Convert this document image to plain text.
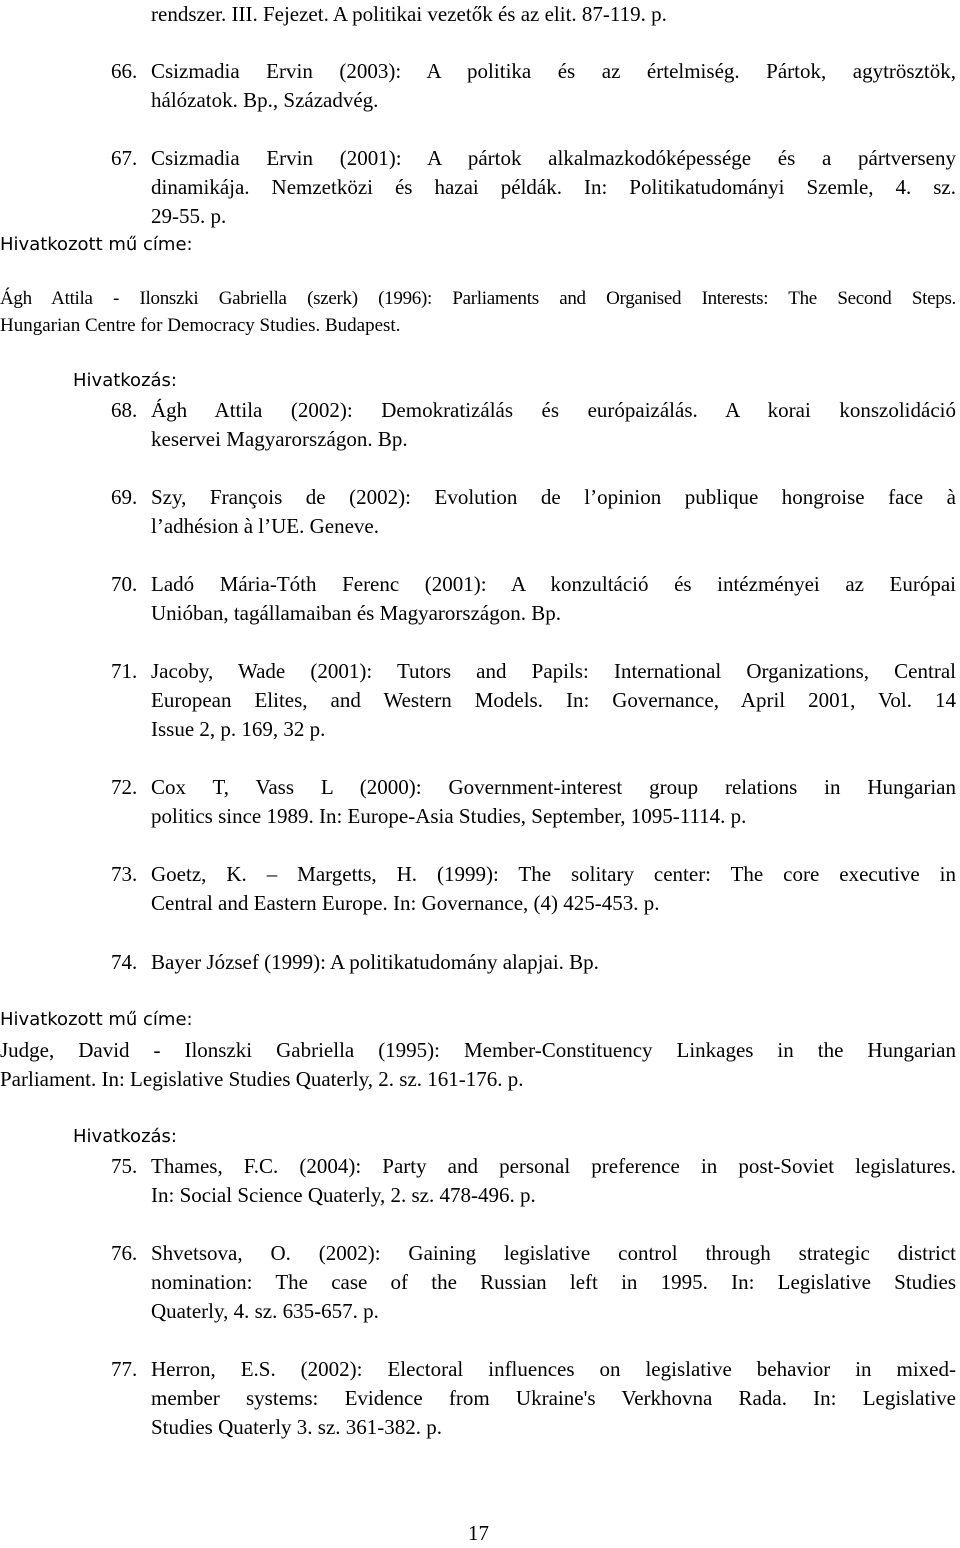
rendszer. III. Fejezet. A politikai vezetők és az elit. 87-119. p.
66. Csizmadia Ervin (2003): A politika és az értelmiség. Pártok, agytrösztök,
hálózatok. Bp., Századvég.
67. Csizmadia Ervin (2001): A pártok alkalmazkodóképessége és a pártverseny
dinamikája. Nemzetközi és hazai példák. In: Politikatudományi Szemle, 4. sz.
29-55. p.
Hivatkozott mű címe:
Ágh Attila - Ilonszki Gabriella (szerk) (1996): Parliaments and Organised Interests: The Second Steps.
Hungarian Centre for Democracy Studies. Budapest.
Hivatkozás:
68. Ágh Attila (2002): Demokratizálás és európaizálás. A korai konszolidáció
keservei Magyarországon. Bp.
69. Szy, François de (2002): Evolution de l’opinion publique hongroise face à
l’adhésion à l’UE. Geneve.
70. Ladó Mária-Tóth Ferenc (2001): A konzultáció és intézményei az Európai
Unióban, tagállamaiban és Magyarországon. Bp.
71. Jacoby, Wade (2001): Tutors and Papils: International Organizations, Central
European Elites, and Western Models. In: Governance, April 2001, Vol. 14
Issue 2, p. 169, 32 p.
72. Cox T, Vass L (2000): Government-interest group relations in Hungarian
politics since 1989. In: Europe-Asia Studies, September, 1095-1114. p.
73. Goetz, K. – Margetts, H. (1999): The solitary center: The core executive in
Central and Eastern Europe. In: Governance, (4) 425-453. p.
74. Bayer József (1999): A politikatudomány alapjai. Bp.
Hivatkozott mű címe:
Judge, David - Ilonszki Gabriella (1995): Member-Constituency Linkages in the Hungarian
Parliament. In: Legislative Studies Quaterly, 2. sz. 161-176. p.
Hivatkozás:
75. Thames, F.C. (2004): Party and personal preference in post-Soviet legislatures.
In: Social Science Quaterly, 2. sz. 478-496. p.
76. Shvetsova, O. (2002): Gaining legislative control through strategic district
nomination: The case of the Russian left in 1995. In: Legislative Studies
Quaterly, 4. sz. 635-657. p.
77. Herron, E.S. (2002): Electoral influences on legislative behavior in mixed-
member systems: Evidence from Ukraine's Verkhovna Rada. In: Legislative
Studies Quaterly 3. sz. 361-382. p.
17
